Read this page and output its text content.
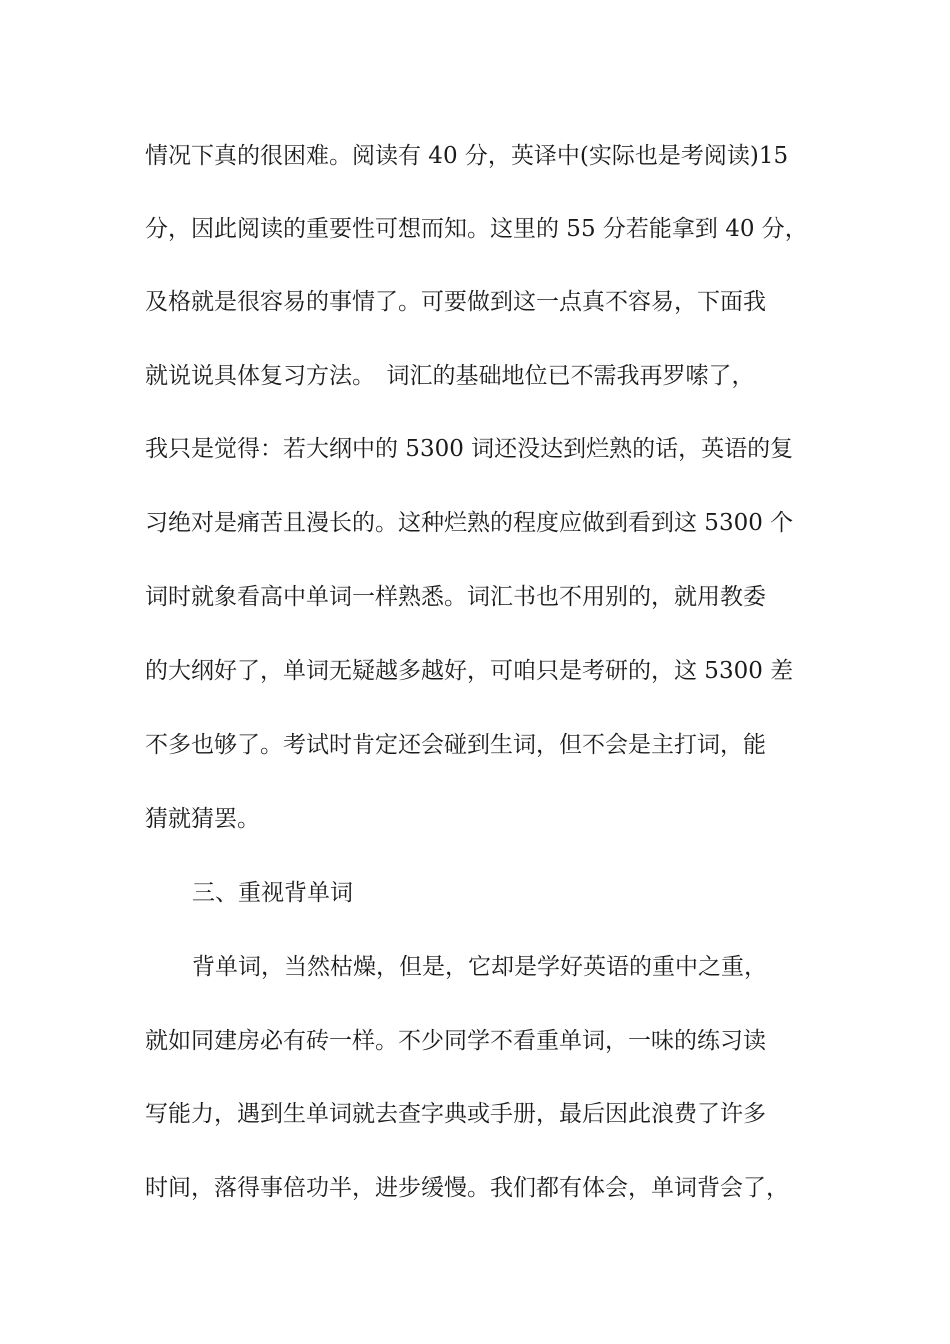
情况下真的很困难。阅读有 40 分，英译中(实际也是考阅读)15
分，因此阅读的重要性可想而知。这里的 55 分若能拿到 40 分，
及格就是很容易的事情了。可要做到这一点真不容易，下面我
就说说具体复习方法。　词汇的基础地位已不需我再罗嗦了，
我只是觉得：若大纲中的 5300 词还没达到烂熟的话，英语的复
习绝对是痛苦且漫长的。这种烂熟的程度应做到看到这 5300 个
词时就象看高中单词一样熟悉。词汇书也不用别的，就用教委
的大纲好了，单词无疑越多越好，可咱只是考研的，这 5300 差
不多也够了。考试时肯定还会碰到生词，但不会是主打词，能
猜就猜罢。
三、重视背单词
背单词，当然枯燥，但是，它却是学好英语的重中之重，
就如同建房必有砖一样。不少同学不看重单词，一味的练习读
写能力，遇到生单词就去查字典或手册，最后因此浪费了许多
时间，落得事倍功半，进步缓慢。我们都有体会，单词背会了，
